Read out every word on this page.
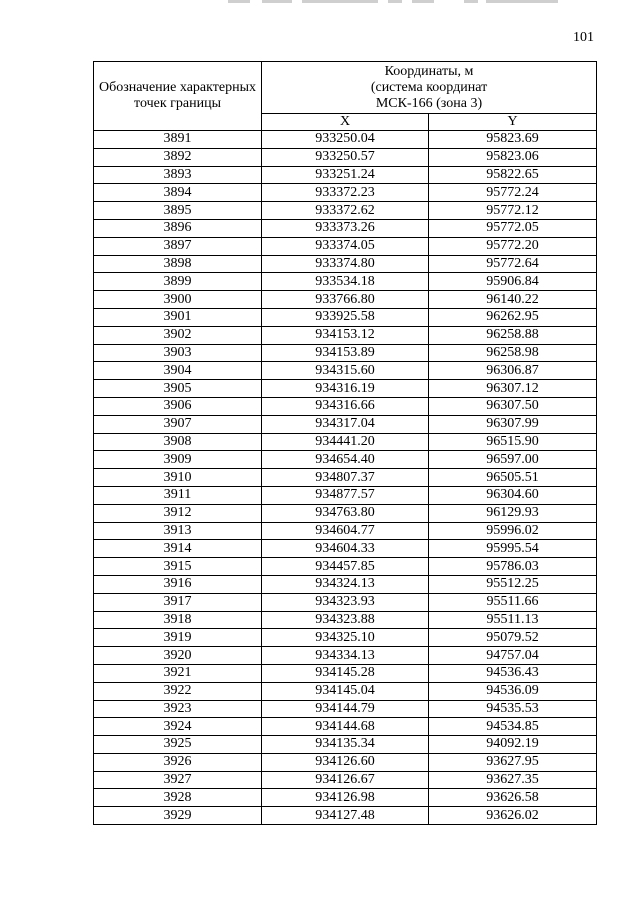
101
Обозначение характерных точек границы	Координаты, м
(система координат
МСК-166 (зона 3)	

	X	Y
3891	933250.04	95823.69
3892	933250.57	95823.06
3893	933251.24	95822.65
3894	933372.23	95772.24
3895	933372.62	95772.12
3896	933373.26	95772.05
3897	933374.05	95772.20
3898	933374.80	95772.64
3899	933534.18	95906.84
3900	933766.80	96140.22
3901	933925.58	96262.95
3902	934153.12	96258.88
3903	934153.89	96258.98
3904	934315.60	96306.87
3905	934316.19	96307.12
3906	934316.66	96307.50
3907	934317.04	96307.99
3908	934441.20	96515.90
3909	934654.40	96597.00
3910	934807.37	96505.51
3911	934877.57	96304.60
3912	934763.80	96129.93
3913	934604.77	95996.02
3914	934604.33	95995.54
3915	934457.85	95786.03
3916	934324.13	95512.25
3917	934323.93	95511.66
3918	934323.88	95511.13
3919	934325.10	95079.52
3920	934334.13	94757.04
3921	934145.28	94536.43
3922	934145.04	94536.09
3923	934144.79	94535.53
3924	934144.68	94534.85
3925	934135.34	94092.19
3926	934126.60	93627.95
3927	934126.67	93627.35
3928	934126.98	93626.58
3929	934127.48	93626.02
